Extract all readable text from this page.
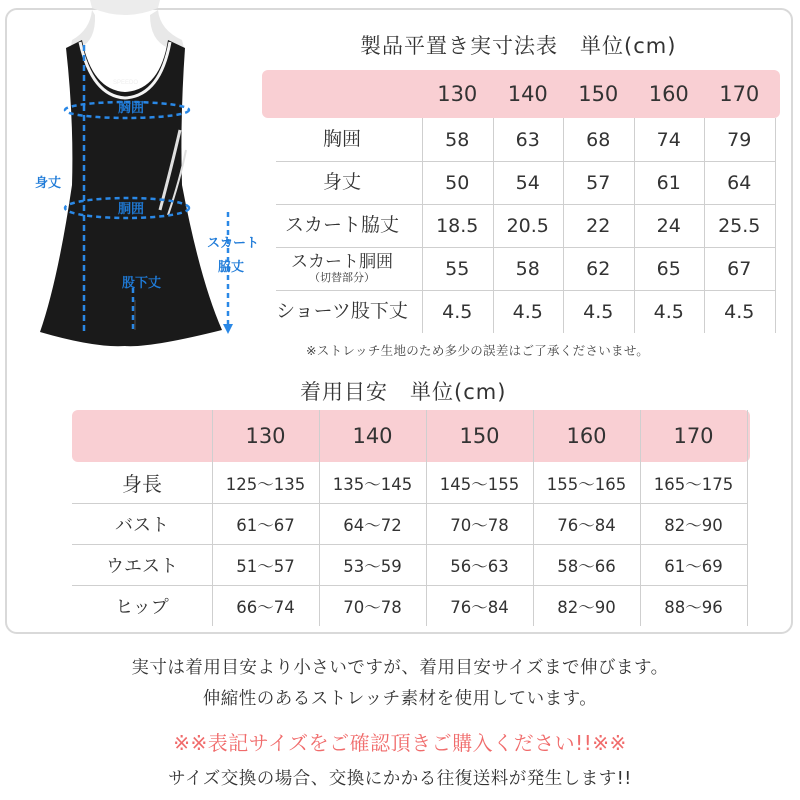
SPEEDO
胸囲
身丈
胴囲
スカート
脇丈
股下丈
製品平置き実寸法表　単位(cm)
130	140	150	160	170
胸囲	58	63	68	74	79
身丈	50	54	57	61	64
スカート脇丈	18.5	20.5	22	24	25.5
スカート胴囲
（切替部分）	55	58	62	65	67
ショーツ股下丈	4.5	4.5	4.5	4.5	4.5
※ストレッチ生地のため多少の誤差はご了承くださいませ。
着用目安　単位(cm)
130	140	150	160	170
身長	125〜135	135〜145	145〜155	155〜165	165〜175
バスト	61〜67	64〜72	70〜78	76〜84	82〜90
ウエスト	51〜57	53〜59	56〜63	58〜66	61〜69
ヒップ	66〜74	70〜78	76〜84	82〜90	88〜96
実寸は着用目安より小さいですが、着用目安サイズまで伸びます。
伸縮性のあるストレッチ素材を使用しています。
※※表記サイズをご確認頂きご購入ください!!※※
サイズ交換の場合、交換にかかる往復送料が発生します!!
